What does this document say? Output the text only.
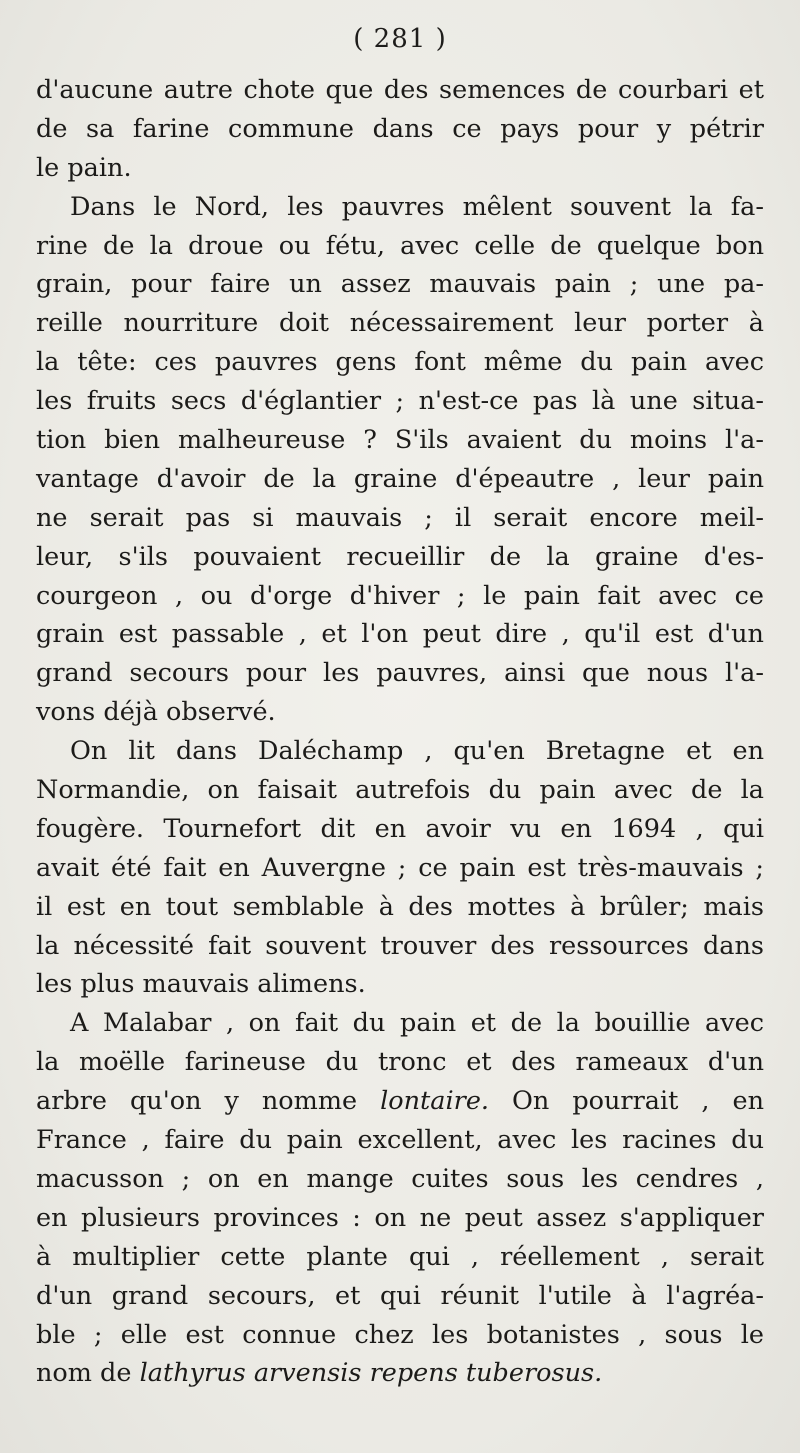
( 281 )
d'aucune autre chote que des semences de courbari et
de sa farine commune dans ce pays pour y pétrir
le pain.
Dans le Nord, les pauvres mêlent souvent la fa-
rine de la droue ou fétu, avec celle de quelque bon
grain, pour faire un assez mauvais pain ; une pa-
reille nourriture doit nécessairement leur porter à
la tête: ces pauvres gens font même du pain avec
les fruits secs d'églantier ; n'est-ce pas là une situa-
tion bien malheureuse ? S'ils avaient du moins l'a-
vantage d'avoir de la graine d'épeautre , leur pain
ne serait pas si mauvais ; il serait encore meil-
leur, s'ils pouvaient recueillir de la graine d'es-
courgeon , ou d'orge d'hiver ; le pain fait avec ce
grain est passable , et l'on peut dire , qu'il est d'un
grand secours pour les pauvres, ainsi que nous l'a-
vons déjà observé.
On lit dans Daléchamp , qu'en Bretagne et en
Normandie, on faisait autrefois du pain avec de la
fougère. Tournefort dit en avoir vu en 1694 , qui
avait été fait en Auvergne ; ce pain est très-mauvais ;
il est en tout semblable à des mottes à brûler; mais
la nécessité fait souvent trouver des ressources dans
les plus mauvais alimens.
A Malabar , on fait du pain et de la bouillie avec
la moëlle farineuse du tronc et des rameaux d'un
arbre qu'on y nomme lontaire. On pourrait , en
France , faire du pain excellent, avec les racines du
macusson ; on en mange cuites sous les cendres ,
en plusieurs provinces : on ne peut assez s'appliquer
à multiplier cette plante qui , réellement , serait
d'un grand secours, et qui réunit l'utile à l'agréa-
ble ; elle est connue chez les botanistes , sous le
nom de lathyrus arvensis repens tuberosus.
